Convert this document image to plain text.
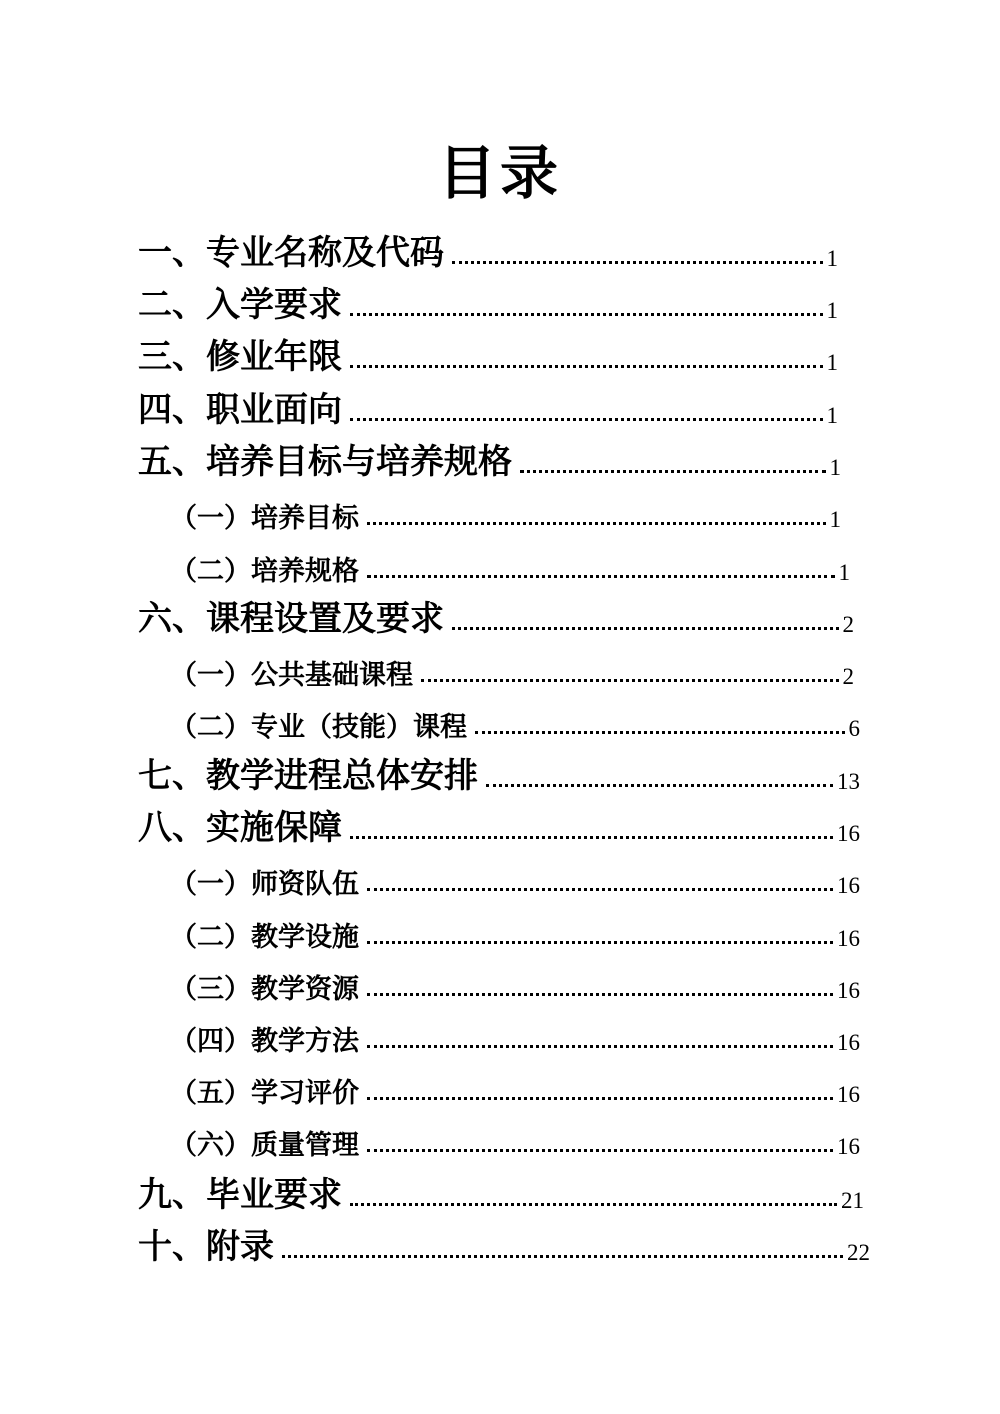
目录
一、专业名称及代码	1
二、入学要求	1
三、修业年限	1
四、职业面向	1
五、培养目标与培养规格	1
（一）培养目标	1
（二）培养规格	1
六、课程设置及要求	2
（一）公共基础课程	2
（二）专业（技能）课程	6
七、教学进程总体安排	13
八、实施保障	16
（一）师资队伍	16
（二）教学设施	16
（三）教学资源	16
（四）教学方法	16
（五）学习评价	16
（六）质量管理	16
九、毕业要求	21
十、附录	22
